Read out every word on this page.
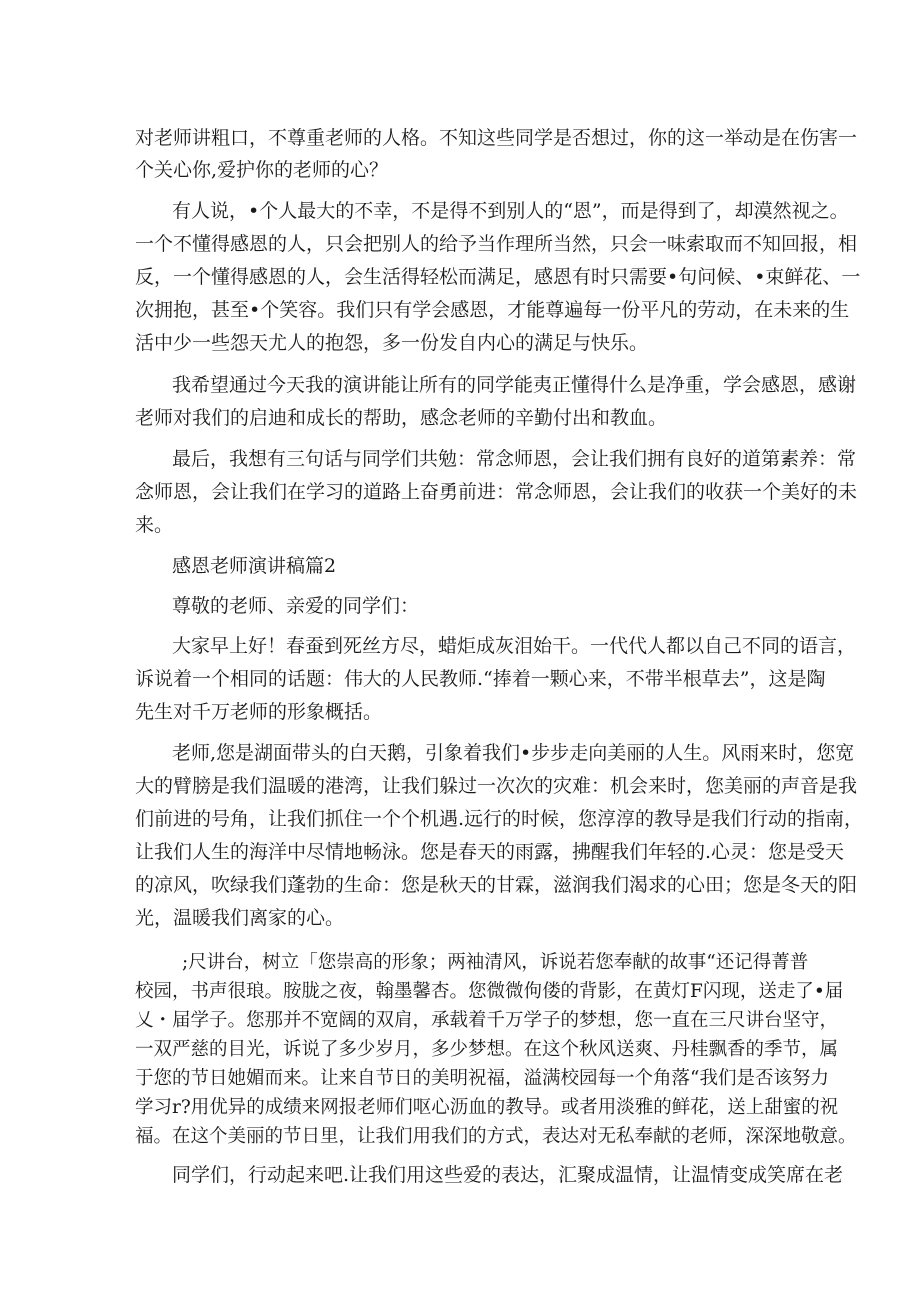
对老师讲粗口，不尊重老师的人格。不知这些同学是否想过，你的这一举动是在伤害一
个关心你,爱护你的老师的心？
有人说，•个人最大的不幸，不是得不到别人的“恩”，而是得到了，却漠然视之。
一个不懂得感恩的人，只会把别人的给予当作理所当然，只会一味索取而不知回报，相
反，一个懂得感恩的人，会生活得轻松而满足，感恩有时只需要•句问候、•束鲜花、一
次拥抱，甚至•个笑容。我们只有学会感恩，才能尊遍每一份平凡的劳动，在未来的生
活中少一些怨天尤人的抱怨，多一份发自内心的满足与快乐。
我希望通过今天我的演讲能让所有的同学能夷正懂得什么是净重，学会感恩，感谢
老师对我们的启迪和成长的帮助，感念老师的辛勤付出和教血。
最后，我想有三句话与同学们共勉：常念师恩，会让我们拥有良好的道第素养：常
念师恩，会让我们在学习的道路上奋勇前进：常念师恩，会让我们的收获一个美好的未
来。
感恩老师演讲稿篇2
尊敬的老师、亲爱的同学们：
大家早上好！春蚕到死丝方尽，蜡炬成灰泪始干。一代代人都以自己不同的语言，
诉说着一个相同的话题：伟大的人民教师.“捧着一颗心来，不带半根草去”，这是陶
先生对千万老师的形象概括。
老师,您是湖面带头的白天鹅，引象着我们•步步走向美丽的人生。风雨来时，您宽
大的臂膀是我们温暖的港湾，让我们躲过一次次的灾难：机会来时，您美丽的声音是我
们前进的号角，让我们抓住一个个机遇.远行的时候，您淳淳的教导是我们行动的指南，
让我们人生的海洋中尽情地畅泳。您是春天的雨露，拂醒我们年轻的.心灵：您是受天
的凉风，吹绿我们蓬勃的生命：您是秋天的甘霖，滋润我们渴求的心田；您是冬天的阳
光，温暖我们离家的心。
;尺讲台，树立「您崇高的形象；两袖清风，诉说若您奉献的故事“还记得菁普
校园，书声很琅。胺胧之夜，翰墨馨杏。您微微佝偻的背影，在黄灯F闪现，送走了•届
乂・届学子。您那并不宽阔的双肩，承载着千万学子的梦想，您一直在三尺讲台坚守，
一双严慈的目光，诉说了多少岁月，多少梦想。在这个秋风送爽、丹桂飘香的季节，属
于您的节日她媚而来。让来自节日的美明祝福，溢满校园每一个角落“我们是否该努力
学习r?用优异的成绩来网报老师们呕心沥血的教导。或者用淡雅的鲜花，送上甜蜜的祝
福。在这个美丽的节日里，让我们用我们的方式，表达对无私奉献的老师，深深地敬意。
同学们，行动起来吧.让我们用这些爱的表达，汇聚成温情，让温情变成笑席在老
